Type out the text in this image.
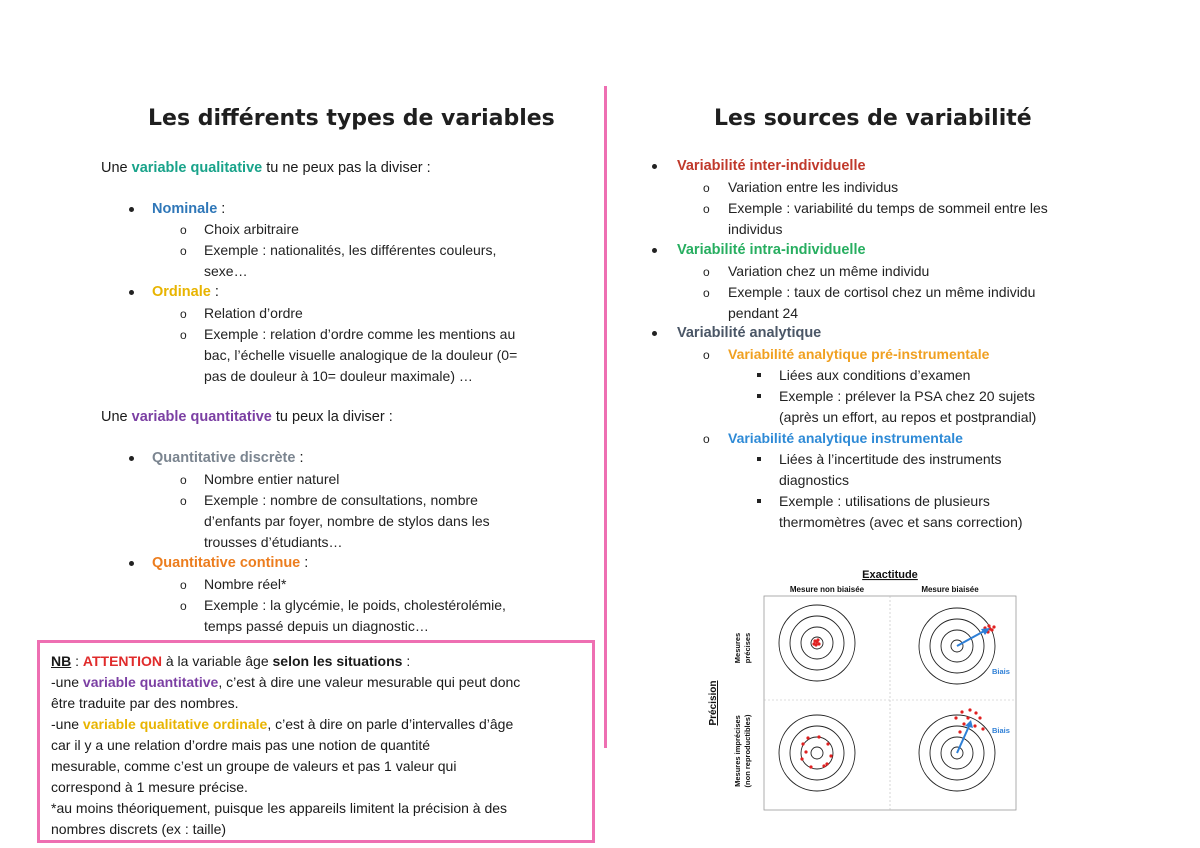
Les différents types de variables
Une variable qualitative tu ne peux pas la diviser :
Nominale :
o Choix arbitraire
o Exemple : nationalités, les différentes couleurs,
sexe…
Ordinale :
o Relation d’ordre
o Exemple : relation d’ordre comme les mentions au
bac, l’échelle visuelle analogique de la douleur (0=
pas de douleur à 10= douleur maximale) …
Une variable quantitative tu peux la diviser :
Quantitative discrète :
o Nombre entier naturel
o Exemple : nombre de consultations, nombre
d’enfants par foyer, nombre de stylos dans les
trousses d’étudiants…
Quantitative continue :
o Nombre réel*
o Exemple : la glycémie, le poids, cholestérolémie,
temps passé depuis un diagnostic…
NB : ATTENTION à la variable âge selon les situations :
-une variable quantitative, c’est à dire une valeur mesurable qui peut donc
être traduite par des nombres.
-une variable qualitative ordinale, c’est à dire on parle d’intervalles d’âge
car il y a une relation d’ordre mais pas une notion de quantité
mesurable, comme c’est un groupe de valeurs et pas 1 valeur qui
correspond à 1 mesure précise.
*au moins théoriquement, puisque les appareils limitent la précision à des
nombres discrets (ex : taille)
Les sources de variabilité
Variabilité inter-individuelle
o Variation entre les individus
o Exemple : variabilité du temps de sommeil entre les
individus
Variabilité intra-individuelle
o Variation chez un même individu
o Exemple : taux de cortisol chez un même individu
pendant 24
Variabilité analytique
o Variabilité analytique pré-instrumentale
Liées aux conditions d’examen
Exemple : prélever la PSA chez 20 sujets
(après un effort, au repos et postprandial)
o Variabilité analytique instrumentale
Liées à l’incertitude des instruments
diagnostics
Exemple : utilisations de plusieurs
thermomètres (avec et sans correction)
Exactitude
Mesure non biaisée	Mesure biaisée
Précision
Mesures précises
Mesures imprécises (non reproductibles)
Biais
Biais
